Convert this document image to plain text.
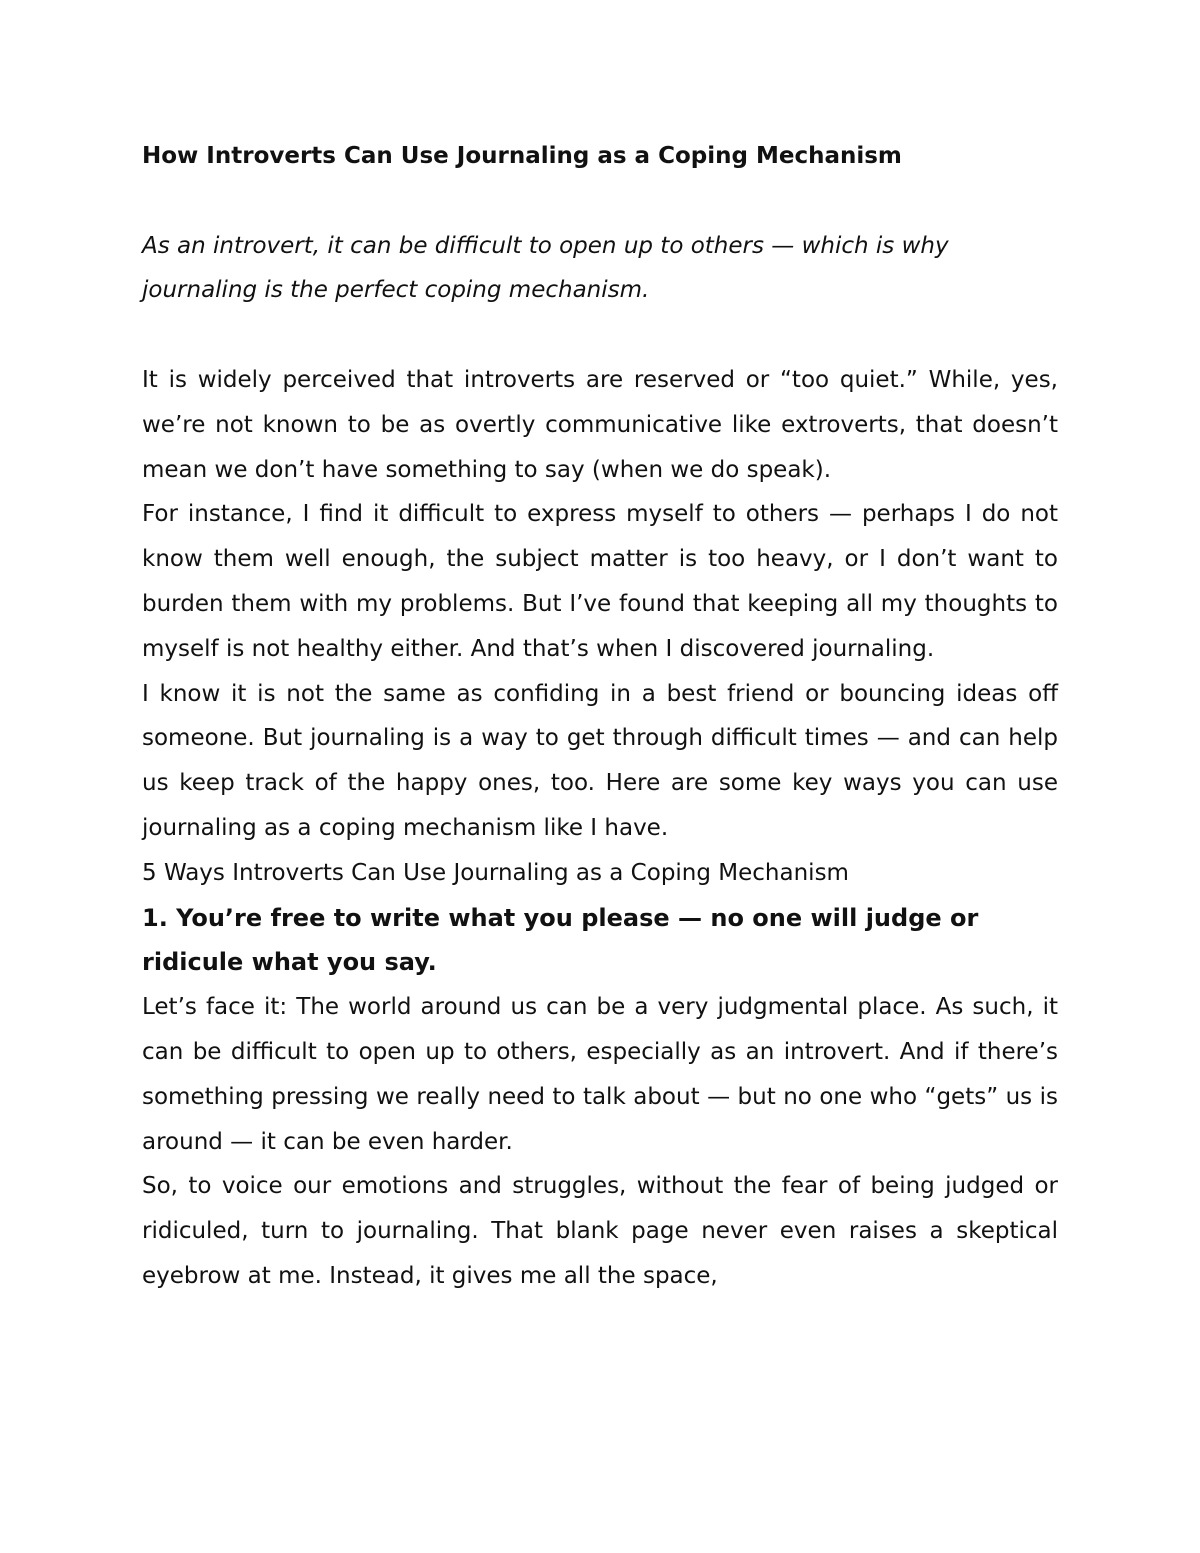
How Introverts Can Use Journaling as a Coping Mechanism

As an introvert, it can be difficult to open up to others — which is why journaling is the perfect coping mechanism.

It is widely perceived that introverts are reserved or “too quiet.” While, yes, we’re not known to be as overtly communicative like extroverts, that doesn’t mean we don’t have something to say (when we do speak).

For instance, I find it difficult to express myself to others — perhaps I do not know them well enough, the subject matter is too heavy, or I don’t want to burden them with my problems. But I’ve found that keeping all my thoughts to myself is not healthy either. And that’s when I discovered journaling.

I know it is not the same as confiding in a best friend or bouncing ideas off someone. But journaling is a way to get through difficult times — and can help us keep track of the happy ones, too. Here are some key ways you can use journaling as a coping mechanism like I have.

5 Ways Introverts Can Use Journaling as a Coping Mechanism

1. You’re free to write what you please — no one will judge or ridicule what you say.

Let’s face it: The world around us can be a very judgmental place. As such, it can be difficult to open up to others, especially as an introvert. And if there’s something pressing we really need to talk about — but no one who “gets” us is around — it can be even harder.

So, to voice our emotions and struggles, without the fear of being judged or ridiculed, turn to journaling. That blank page never even raises a skeptical eyebrow at me. Instead, it gives me all the space,
